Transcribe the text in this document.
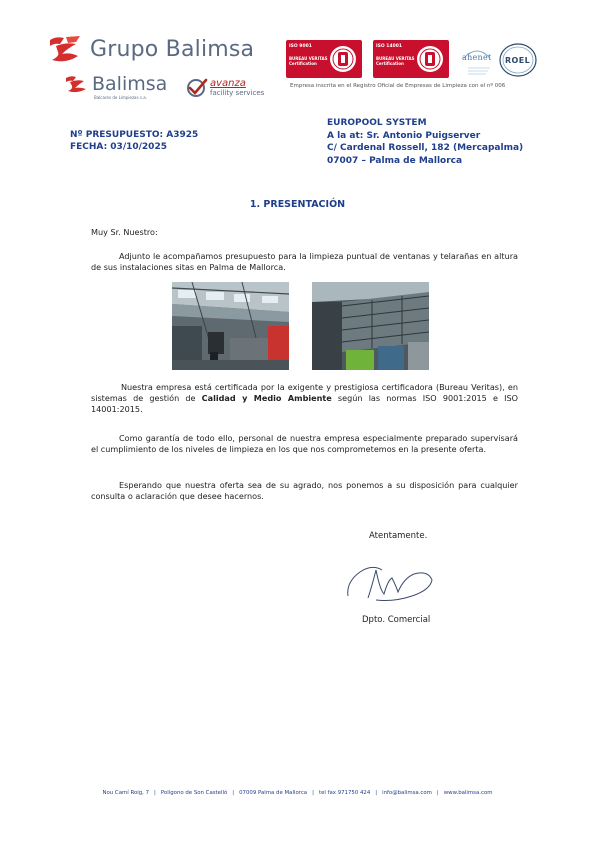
Grupo Balimsa
Balimsa
Balcares de Limpiezas s.a.
avanza
facility services
ISO 9001
BUREAU VERITAS
Certification
ISO 14001
BUREAU VERITAS
Certification
ahenet ROEL
Empresa inscrita en el Registro Oficial de Empresas de Limpieza con el nº 006
Nº PRESUPUESTO: A3925
FECHA: 03/10/2025
EUROPOOL SYSTEM
A la at: Sr. Antonio Puigserver
C/ Cardenal Rossell, 182 (Mercapalma)
07007 – Palma de Mallorca
1. PRESENTACIÓN
Muy Sr. Nuestro:
Adjunto le acompañamos presupuesto para la limpieza puntual de ventanas y telarañas en altura de sus instalaciones sitas en Palma de Mallorca.
Nuestra empresa está certificada por la exigente y prestigiosa certificadora (Bureau Veritas), en sistemas de gestión de Calidad y Medio Ambiente según las normas ISO 9001:2015 e ISO 14001:2015.
Como garantía de todo ello, personal de nuestra empresa especialmente preparado supervisará el cumplimiento de los niveles de limpieza en los que nos comprometemos en la presente oferta.
Esperando que nuestra oferta sea de su agrado, nos ponemos a su disposición para cualquier consulta o aclaración que desee hacernos.
Atentamente.
Dpto. Comercial
Nou Camí Roig, 7 | Polígono de Son Castelló | 07009 Palma de Mallorca | tel fax 971750 424 | info@balimsa.com | www.balimsa.com
